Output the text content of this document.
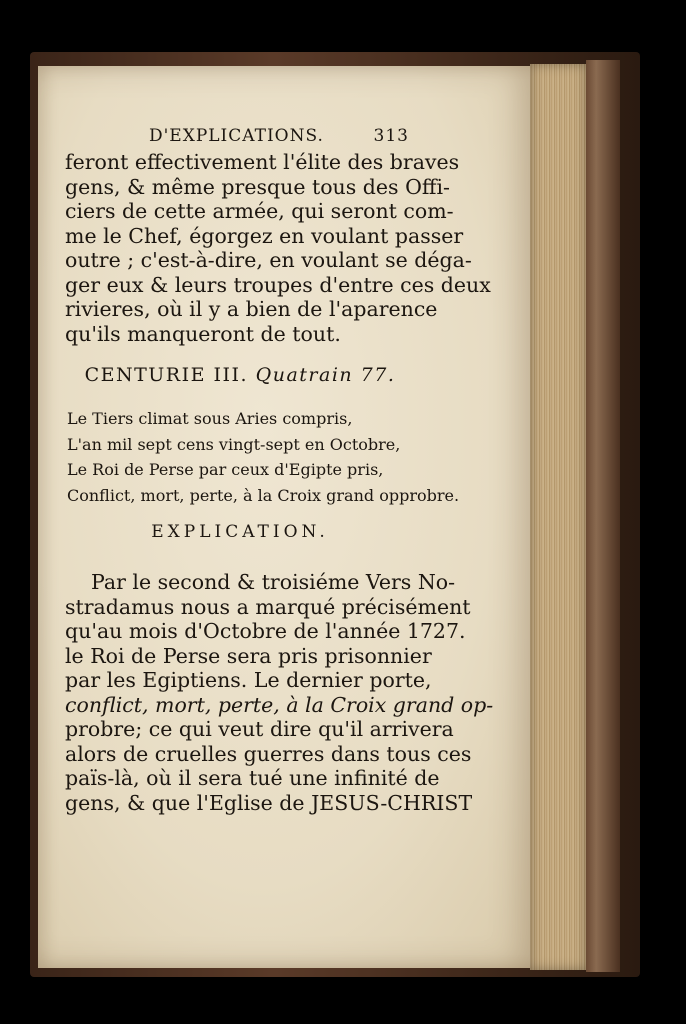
D'EXPLICATIONS.	313
feront effectivement l'élite des braves
gens, & même presque tous des Offi-
ciers de cette armée, qui seront com-
me le Chef, égorgez en voulant passer
outre ; c'est-à-dire, en voulant se déga-
ger eux & leurs troupes d'entre ces deux
rivieres, où il y a bien de l'aparence
qu'ils manqueront de tout.
CENTURIE III. Quatrain 77.
Le Tiers climat sous Aries compris,
L'an mil sept cens vingt-sept en Octobre,
Le Roi de Perse par ceux d'Egipte pris,
Conflict, mort, perte, à la Croix grand opprobre.
EXPLICATION.
Par le second & troisiéme Vers No-
stradamus nous a marqué précisément
qu'au mois d'Octobre de l'année 1727.
le Roi de Perse sera pris prisonnier
par les Egiptiens. Le dernier porte,
conflict, mort, perte, à la Croix grand op-
probre; ce qui veut dire qu'il arrivera
alors de cruelles guerres dans tous ces
païs-là, où il sera tué une infinité de
gens, & que l'Eglise de JESUS-CHRIST
